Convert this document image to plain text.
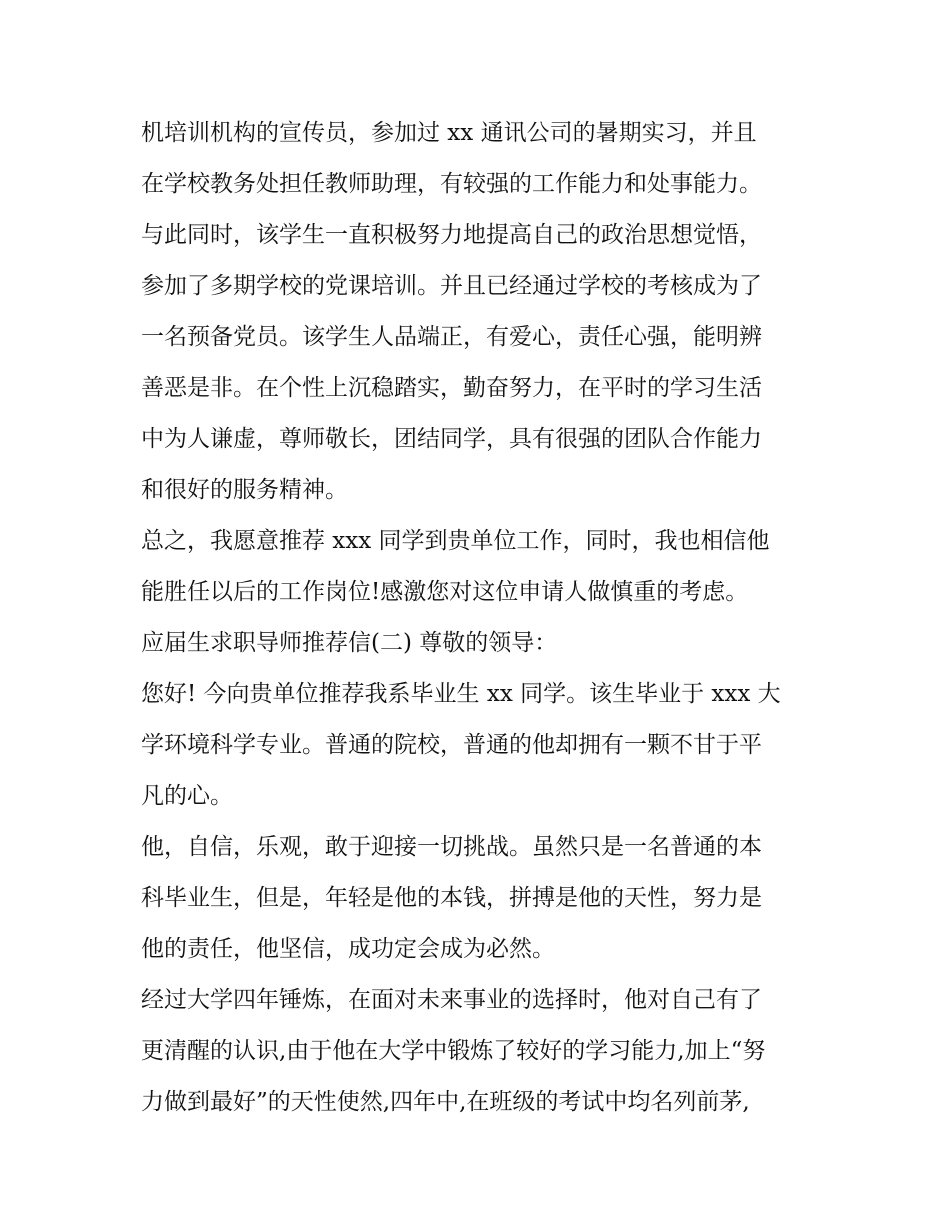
机培训机构的宣传员，参加过 xx 通讯公司的暑期实习，并且
在学校教务处担任教师助理，有较强的工作能力和处事能力。
与此同时，该学生一直积极努力地提高自己的政治思想觉悟，
参加了多期学校的党课培训。并且已经通过学校的考核成为了
一名预备党员。该学生人品端正，有爱心，责任心强，能明辨
善恶是非。在个性上沉稳踏实，勤奋努力，在平时的学习生活
中为人谦虚，尊师敬长，团结同学，具有很强的团队合作能力
和很好的服务精神。
总之，我愿意推荐 xxx 同学到贵单位工作，同时，我也相信他
能胜任以后的工作岗位!感激您对这位申请人做慎重的考虑。
应届生求职导师推荐信(二) 尊敬的领导：
您好! 今向贵单位推荐我系毕业生 xx 同学。该生毕业于 xxx 大
学环境科学专业。普通的院校，普通的他却拥有一颗不甘于平
凡的心。
他，自信，乐观，敢于迎接一切挑战。虽然只是一名普通的本
科毕业生，但是，年轻是他的本钱，拼搏是他的天性，努力是
他的责任，他坚信，成功定会成为必然。
经过大学四年锤炼，在面对未来事业的选择时，他对自己有了
更清醒的认识,由于他在大学中锻炼了较好的学习能力,加上“努
力做到最好”的天性使然,四年中,在班级的考试中均名列前茅,
